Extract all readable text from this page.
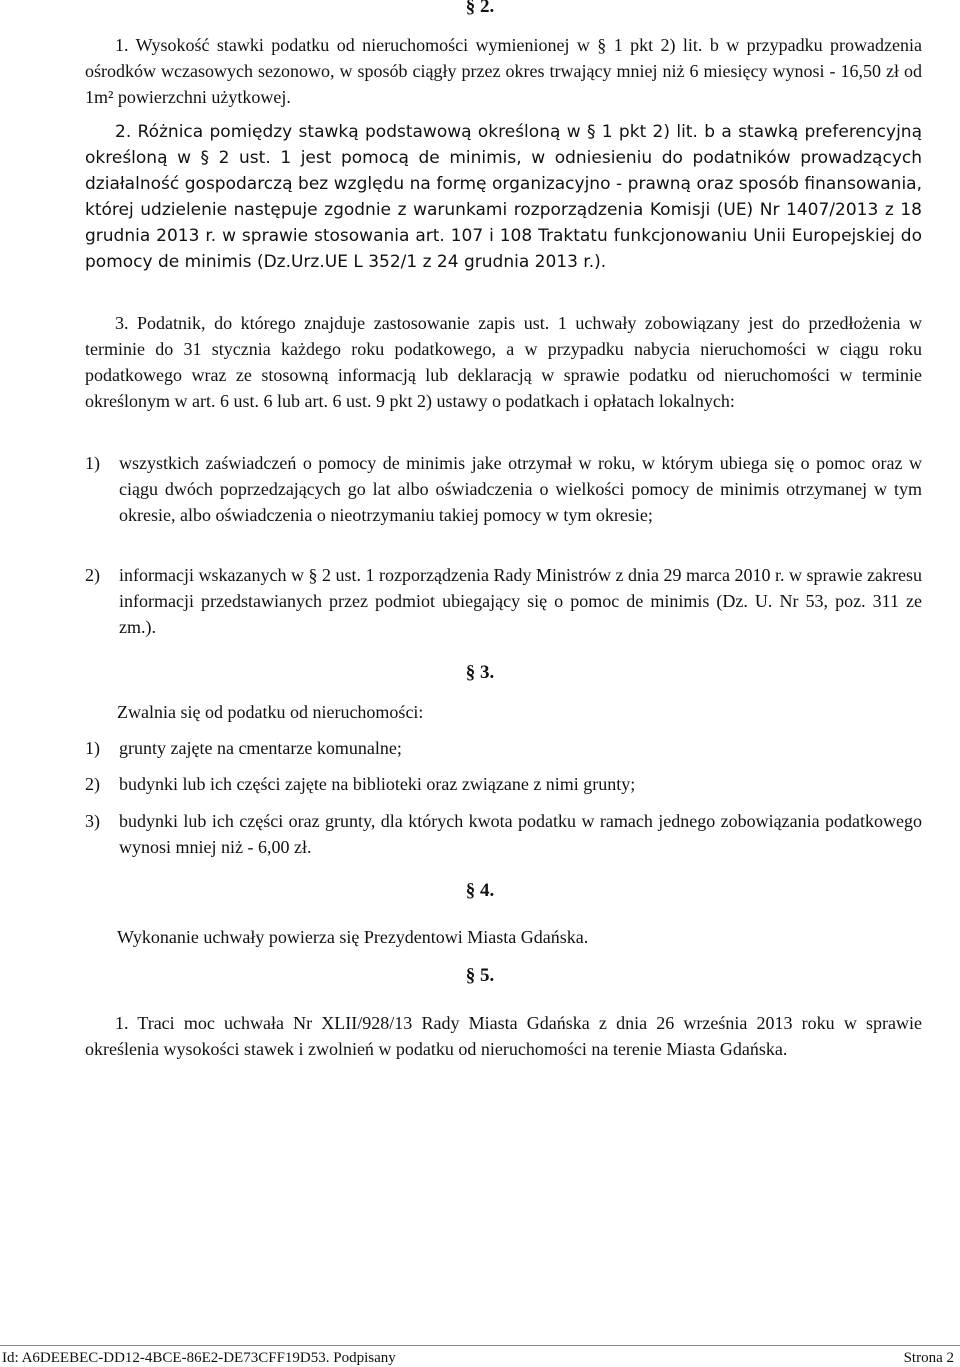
§ 2.

1. Wysokość stawki podatku od nieruchomości wymienionej w § 1 pkt 2) lit. b w przypadku prowadzenia ośrodków wczasowych sezonowo, w sposób ciągły przez okres trwający mniej niż 6 miesięcy wynosi - 16,50 zł od 1m² powierzchni użytkowej.

2. Różnica pomiędzy stawką podstawową określoną w § 1 pkt 2) lit. b a stawką preferencyjną określoną w § 2 ust. 1 jest pomocą de minimis, w odniesieniu do podatników prowadzących działalność gospodarczą bez względu na formę organizacyjno - prawną oraz sposób finansowania, której udzielenie następuje zgodnie z warunkami rozporządzenia Komisji (UE) Nr 1407/2013 z 18 grudnia 2013 r. w sprawie stosowania art. 107 i 108 Traktatu funkcjonowaniu Unii Europejskiej do pomocy de minimis (Dz.Urz.UE L 352/1 z 24 grudnia 2013 r.).

3. Podatnik, do którego znajduje zastosowanie zapis ust. 1 uchwały zobowiązany jest do przedłożenia w terminie do 31 stycznia każdego roku podatkowego, a w przypadku nabycia nieruchomości w ciągu roku podatkowego wraz ze stosowną informacją lub deklaracją w sprawie podatku od nieruchomości w terminie określonym w art. 6 ust. 6 lub art. 6 ust. 9 pkt 2) ustawy o podatkach i opłatach lokalnych:

1)	wszystkich zaświadczeń o pomocy de minimis jake otrzymał w roku, w którym ubiega się o pomoc oraz w ciągu dwóch poprzedzających go lat albo oświadczenia o wielkości pomocy de minimis otrzymanej w tym okresie, albo oświadczenia o nieotrzymaniu takiej pomocy w tym okresie;
2)	informacji wskazanych w § 2 ust. 1 rozporządzenia Rady Ministrów z dnia 29 marca 2010 r. w sprawie zakresu informacji przedstawianych przez podmiot ubiegający się o pomoc de minimis (Dz. U. Nr 53, poz. 311 ze zm.).
§ 3.

Zwalnia się od podatku od nieruchomości:

1)	grunty zajęte na cmentarze komunalne;
2)	budynki lub ich części zajęte na biblioteki oraz związane z nimi grunty;
3)	budynki lub ich części oraz grunty, dla których kwota podatku w ramach jednego zobowiązania podatkowego wynosi mniej niż - 6,00 zł.
§ 4.

Wykonanie uchwały powierza się Prezydentowi Miasta Gdańska.

§ 5.

1. Traci moc uchwała Nr XLII/928/13 Rady Miasta Gdańska z dnia 26 września 2013 roku w sprawie określenia wysokości stawek i zwolnień w podatku od nieruchomości na terenie Miasta Gdańska.

Id: A6DEEBEC-DD12-4BCE-86E2-DE73CFF19D53. Podpisany	Strona 2
